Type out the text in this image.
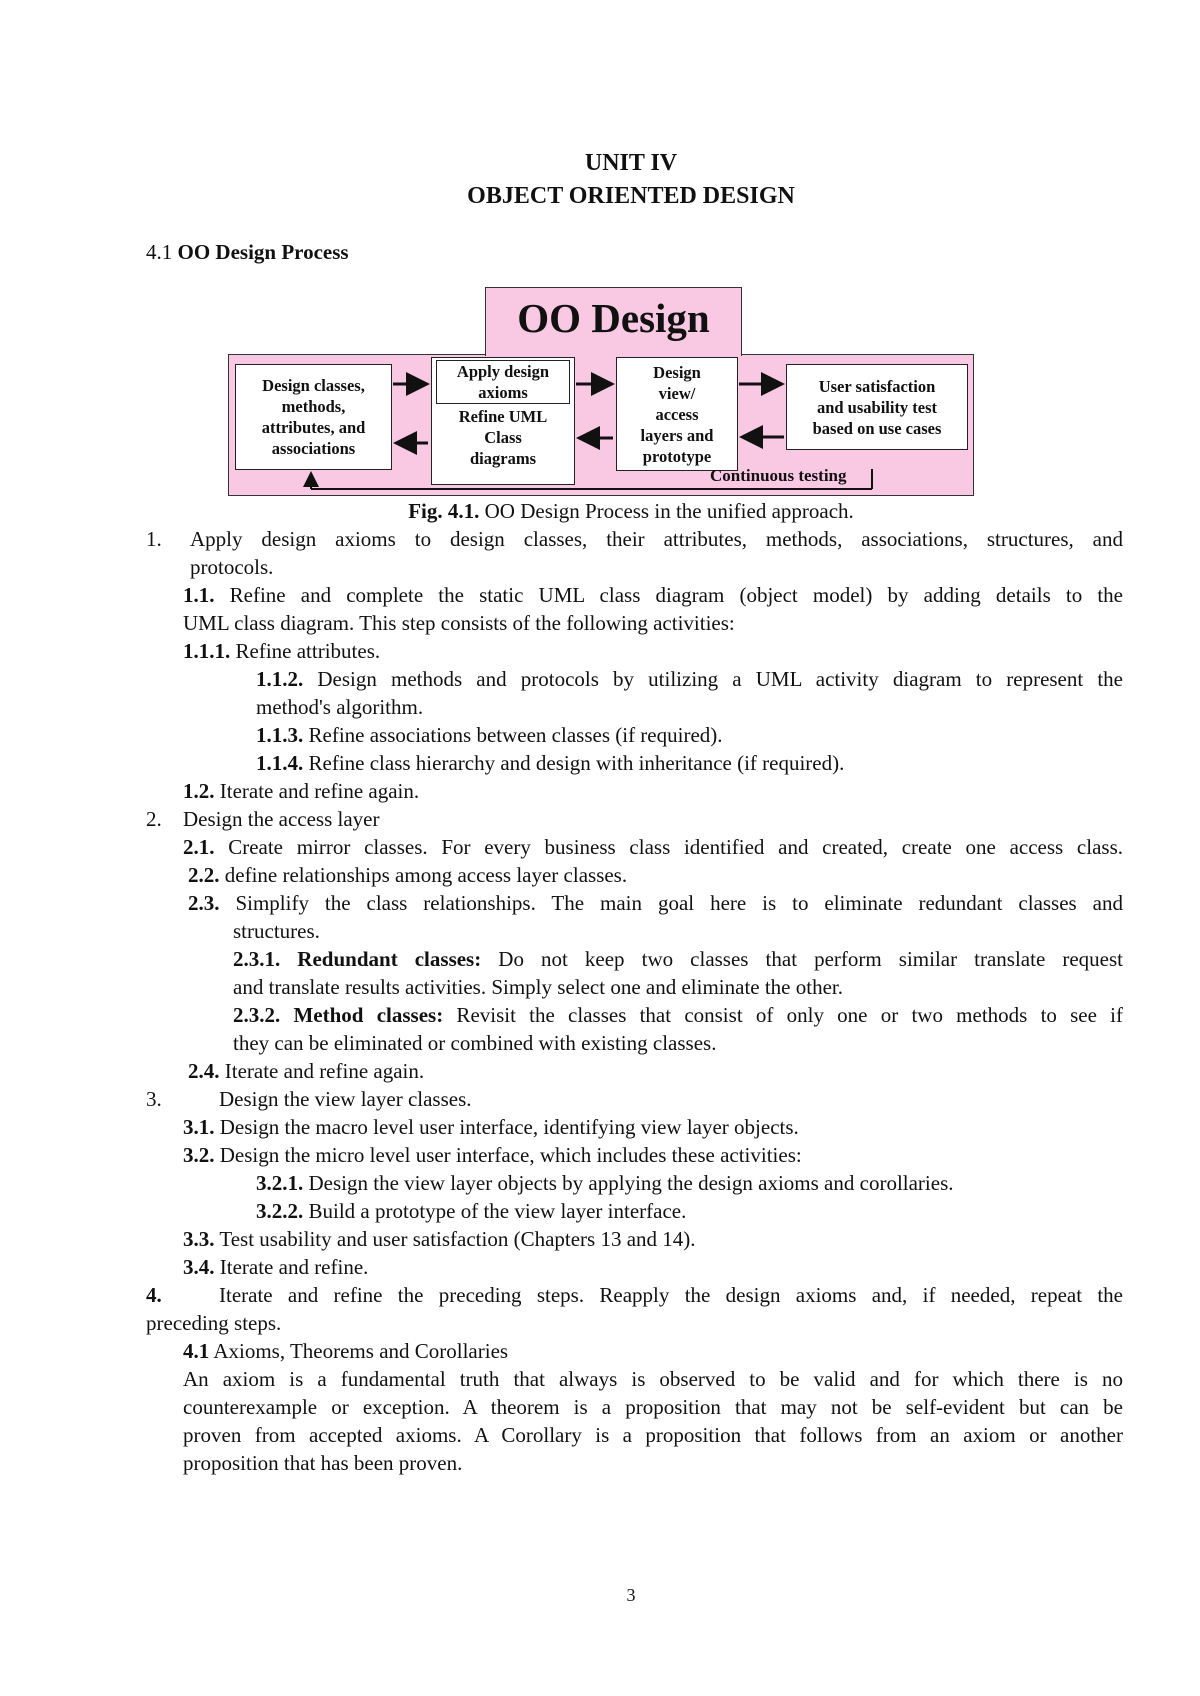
UNIT IV
OBJECT ORIENTED DESIGN
4.1 OO Design Process
OO Design
Design classes,
methods,
attributes, and
associations
Apply design
axioms
Refine UML
Class
diagrams
Design
view/
access
layers and
prototype
User satisfaction
and usability test
based on use cases
Continuous testing
Fig. 4.1. OO Design Process in the unified approach.
1. Apply design axioms to design classes, their attributes, methods, associations, structures, and
protocols.
1.1. Refine and complete the static UML class diagram (object model) by adding details to the
UML class diagram. This step consists of the following activities:
1.1.1. Refine attributes.
1.1.2. Design methods and protocols by utilizing a UML activity diagram to represent the
method's algorithm.
1.1.3. Refine associations between classes (if required).
1.1.4. Refine class hierarchy and design with inheritance (if required).
1.2. Iterate and refine again.
2. Design the access layer
2.1. Create mirror classes. For every business class identified and created, create one access class.
2.2. define relationships among access layer classes.
2.3. Simplify the class relationships. The main goal here is to eliminate redundant classes and
structures.
2.3.1. Redundant classes: Do not keep two classes that perform similar translate request
and translate results activities. Simply select one and eliminate the other.
2.3.2. Method classes: Revisit the classes that consist of only one or two methods to see if
they can be eliminated or combined with existing classes.
2.4. Iterate and refine again.
3.	Design the view layer classes.
3.1. Design the macro level user interface, identifying view layer objects.
3.2. Design the micro level user interface, which includes these activities:
3.2.1. Design the view layer objects by applying the design axioms and corollaries.
3.2.2. Build a prototype of the view layer interface.
3.3. Test usability and user satisfaction (Chapters 13 and 14).
3.4. Iterate and refine.
4.	Iterate and refine the preceding steps. Reapply the design axioms and, if needed, repeat the
preceding steps.
4.1 Axioms, Theorems and Corollaries
An axiom is a fundamental truth that always is observed to be valid and for which there is no
counterexample or exception. A theorem is a proposition that may not be self-evident but can be
proven from accepted axioms. A Corollary is a proposition that follows from an axiom or another
proposition that has been proven.
3
